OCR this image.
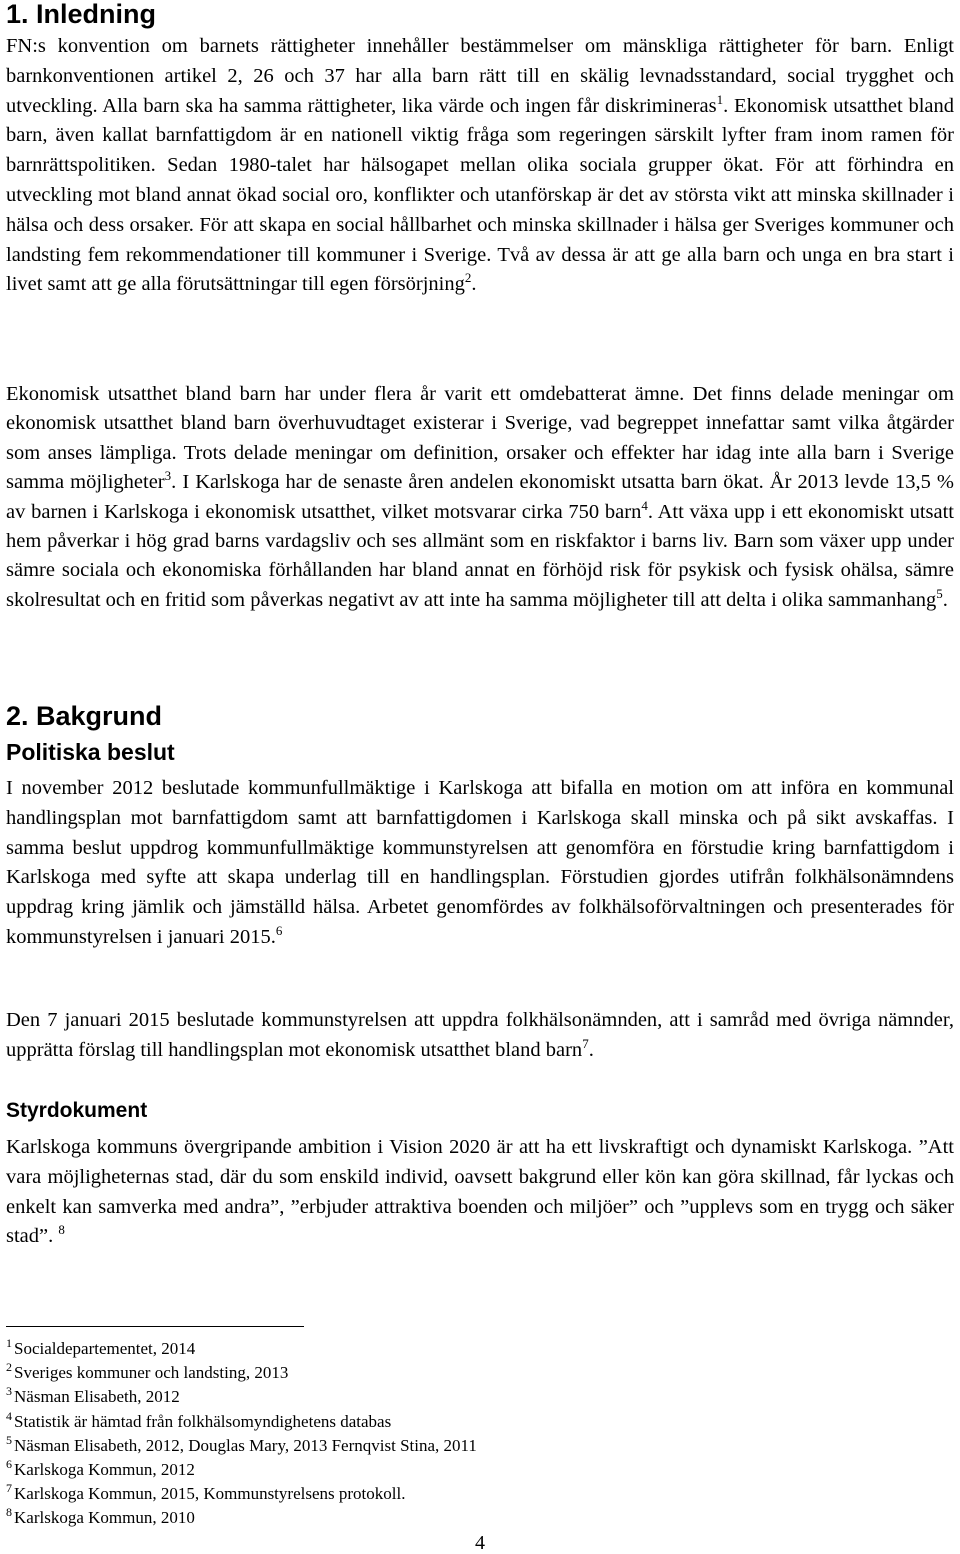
1. Inledning

FN:s konvention om barnets rättigheter innehåller bestämmelser om mänskliga rättigheter för barn. Enligt barnkonventionen artikel 2, 26 och 37 har alla barn rätt till en skälig levnadsstandard, social trygghet och utveckling. Alla barn ska ha samma rättigheter, lika värde och ingen får diskrimineras$^1$. Ekonomisk utsatthet bland barn, även kallat barnfattigdom är en nationell viktig fråga som regeringen särskilt lyfter fram inom ramen för barnrättspolitiken. Sedan 1980-talet har hälsogapet mellan olika sociala grupper ökat. För att förhindra en utveckling mot bland annat ökad social oro, konflikter och utanförskap är det av största vikt att minska skillnader i hälsa och dess orsaker. För att skapa en social hållbarhet och minska skillnader i hälsa ger Sveriges kommuner och landsting fem rekommendationer till kommuner i Sverige. Två av dessa är att ge alla barn och unga en bra start i livet samt att ge alla förutsättningar till egen försörjning$^2$.

Ekonomisk utsatthet bland barn har under flera år varit ett omdebatterat ämne. Det finns delade meningar om ekonomisk utsatthet bland barn överhuvudtaget existerar i Sverige, vad begreppet innefattar samt vilka åtgärder som anses lämpliga. Trots delade meningar om definition, orsaker och effekter har idag inte alla barn i Sverige samma möjligheter$^3$. I Karlskoga har de senaste åren andelen ekonomiskt utsatta barn ökat. År 2013 levde 13,5 % av barnen i Karlskoga i ekonomisk utsatthet, vilket motsvarar cirka 750 barn$^4$. Att växa upp i ett ekonomiskt utsatt hem påverkar i hög grad barns vardagsliv och ses allmänt som en riskfaktor i barns liv. Barn som växer upp under sämre sociala och ekonomiska förhållanden har bland annat en förhöjd risk för psykisk och fysisk ohälsa, sämre skolresultat och en fritid som påverkas negativt av att inte ha samma möjligheter till att delta i olika sammanhang$^5$.

2. Bakgrund
Politiska beslut

I november 2012 beslutade kommunfullmäktige i Karlskoga att bifalla en motion om att införa en kommunal handlingsplan mot barnfattigdom samt att barnfattigdomen i Karlskoga skall minska och på sikt avskaffas. I samma beslut uppdrog kommunfullmäktige kommunstyrelsen att genomföra en förstudie kring barnfattigdom i Karlskoga med syfte att skapa underlag till en handlingsplan. Förstudien gjordes utifrån folkhälsonämndens uppdrag kring jämlik och jämställd hälsa. Arbetet genomfördes av folkhälsoförvaltningen och presenterades för kommunstyrelsen i januari 2015.$^6$

Den 7 januari 2015 beslutade kommunstyrelsen att uppdra folkhälsonämnden, att i samråd med övriga nämnder, upprätta förslag till handlingsplan mot ekonomisk utsatthet bland barn$^7$.

Styrdokument

Karlskoga kommuns övergripande ambition i Vision 2020 är att ha ett livskraftigt och dynamiskt Karlskoga. ”Att vara möjligheternas stad, där du som enskild individ, oavsett bakgrund eller kön kan göra skillnad, får lyckas och enkelt kan samverka med andra”, ”erbjuder attraktiva boenden och miljöer” och ”upplevs som en trygg och säker stad”. $^8$

$^1$ Socialdepartementet, 2014
$^2$ Sveriges kommuner och landsting, 2013
$^3$ Näsman Elisabeth, 2012
$^4$ Statistik är hämtad från folkhälsomyndighetens databas
$^5$ Näsman Elisabeth, 2012, Douglas Mary, 2013 Fernqvist Stina, 2011
$^6$ Karlskoga Kommun, 2012
$^7$ Karlskoga Kommun, 2015, Kommunstyrelsens protokoll.
$^8$ Karlskoga Kommun, 2010
4
